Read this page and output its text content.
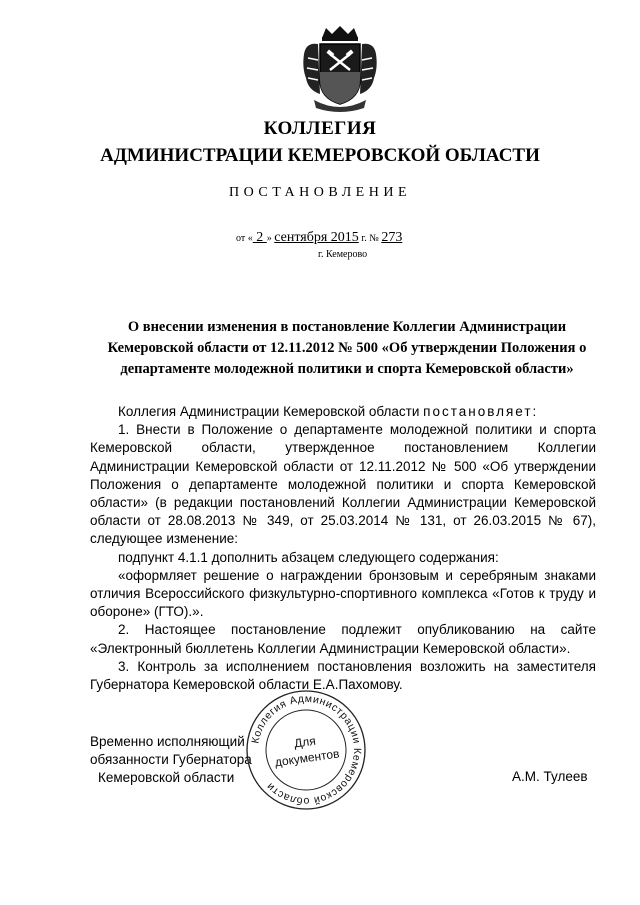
КОЛЛЕГИЯ
АДМИНИСТРАЦИИ КЕМЕРОВСКОЙ ОБЛАСТИ
ПОСТАНОВЛЕНИЕ
от « 2 » сентября 2015 г. № 273
г. Кемерово
О внесении изменения в постановление Коллегии Администрации Кемеровской области от 12.11.2012 № 500 «Об утверждении Положения о департаменте молодежной политики и спорта Кемеровской области»

Коллегия Администрации Кемеровской области постановляет:

1. Внести в Положение о департаменте молодежной политики и спорта Кемеровской области, утвержденное постановлением Коллегии Администрации Кемеровской области от 12.11.2012 № 500 «Об утверждении Положения о департаменте молодежной политики и спорта Кемеровской области» (в редакции постановлений Коллегии Администрации Кемеровской области от 28.08.2013 № 349, от 25.03.2014 № 131, от 26.03.2015 № 67), следующее изменение:

подпункт 4.1.1 дополнить абзацем следующего содержания:

«оформляет решение о награждении бронзовым и серебряным знаками отличия Всероссийского физкультурно-спортивного комплекса «Готов к труду и обороне» (ГТО).».

2. Настоящее постановление подлежит опубликованию на сайте «Электронный бюллетень Коллегии Администрации Кемеровской области».

3. Контроль за исполнением постановления возложить на заместителя Губернатора Кемеровской области Е.А.Пахомову.

Временно исполняющий
обязанности Губернатора
Кемеровской области
Коллегия Администрации Кемеровской области
Для
документов
А.М. Тулеев
